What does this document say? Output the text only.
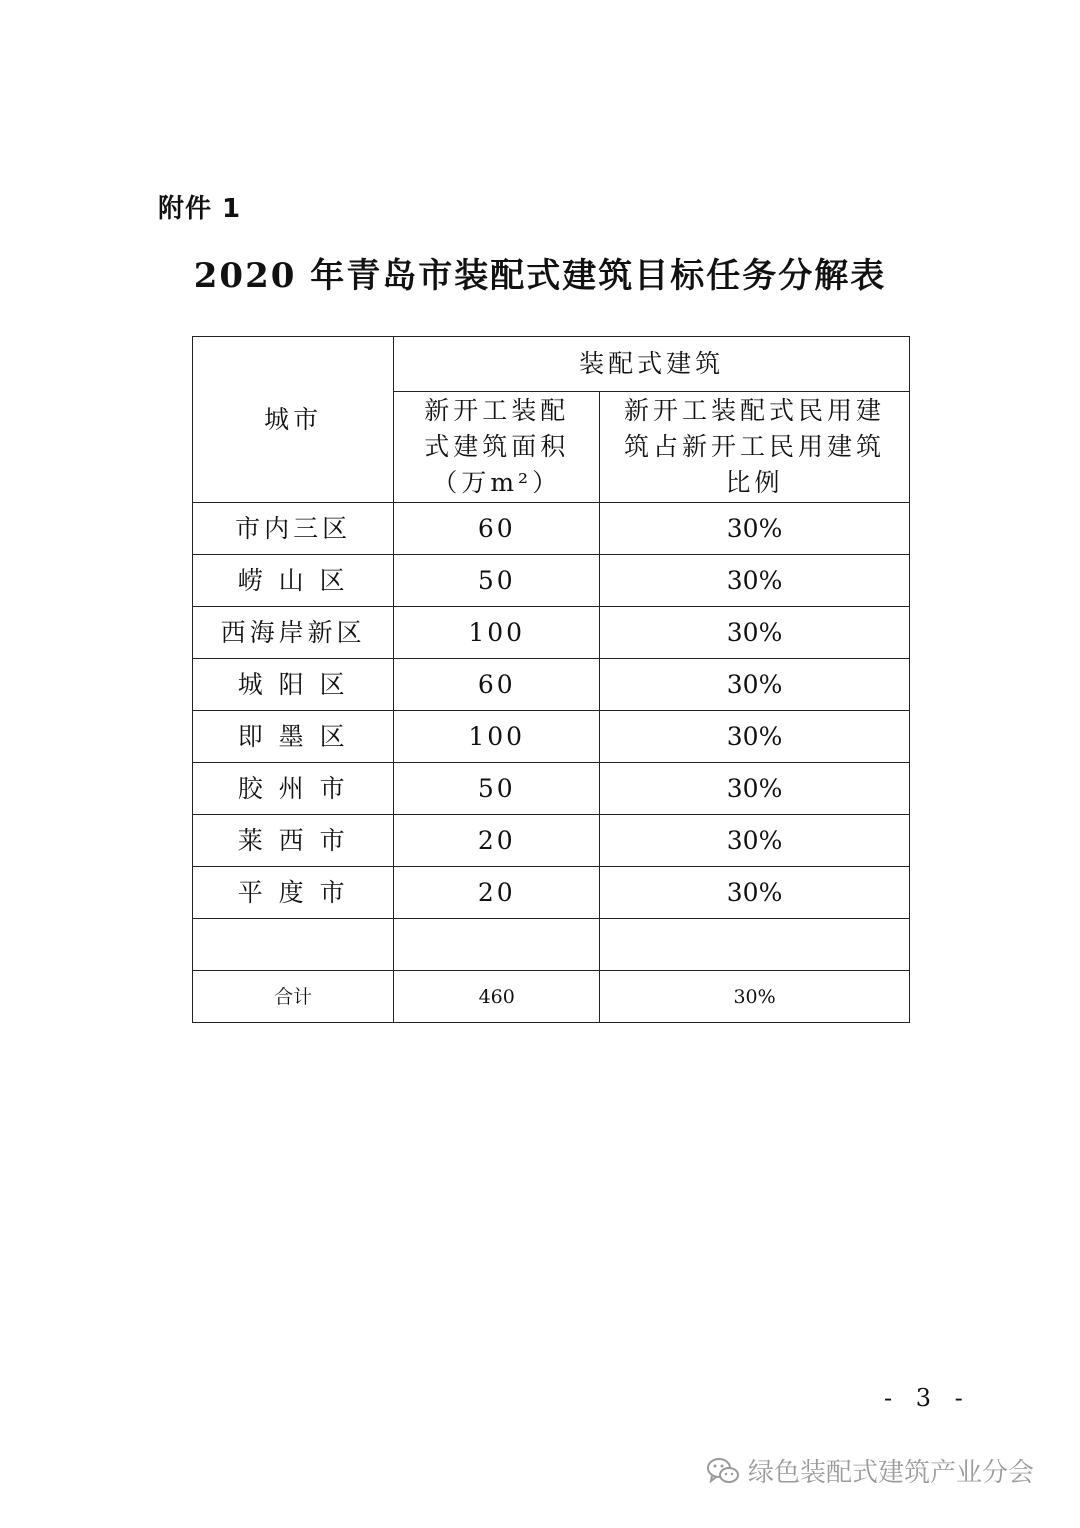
附件 1
2020 年青岛市装配式建筑目标任务分解表
城市	装配式建筑	

	新开工装配式建筑面积（万m²）	新开工装配式民用建筑占新开工民用建筑比例

市内三区	60	30%
崂 山 区	50	30%
西海岸新区	100	30%
城 阳 区	60	30%
即 墨 区	100	30%
胶 州 市	50	30%
莱 西 市	20	30%
平 度 市	20	30%

合计	460	30%
- 3 -
绿色装配式建筑产业分会
